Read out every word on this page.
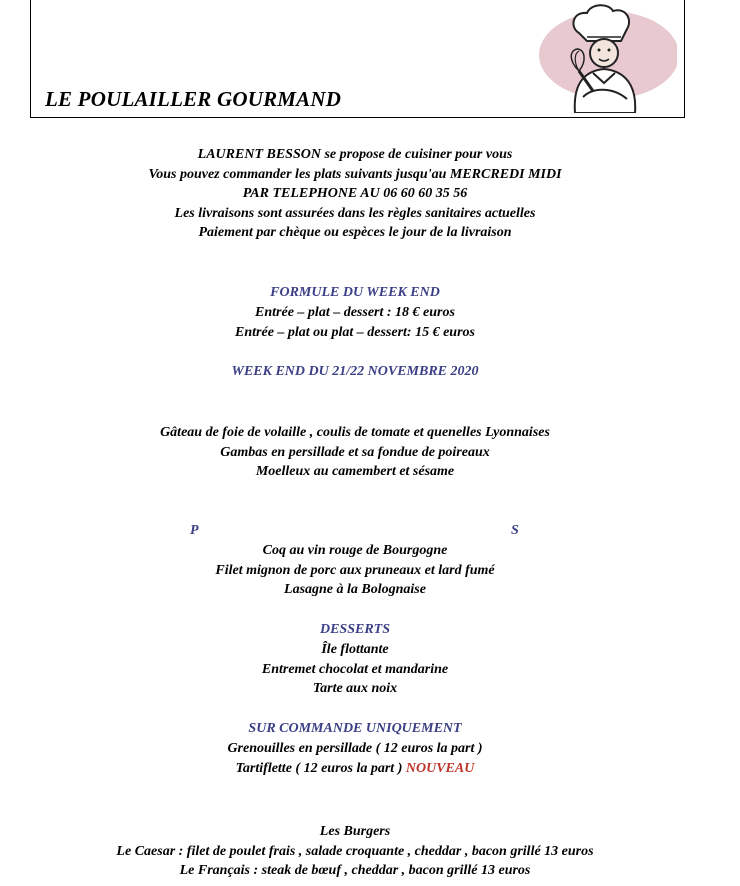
LE POULAILLER GOURMAND
LAURENT BESSON se propose de cuisiner pour vous
Vous pouvez commander les plats suivants jusqu'au MERCREDI MIDI
PAR TELEPHONE AU 06 60 60 35 56
Les livraisons sont assurées dans les règles sanitaires actuelles
Paiement par chèque ou espèces le jour de la livraison
FORMULE DU WEEK END
Entrée – plat – dessert : 18 € euros
Entrée – plat ou plat – dessert: 15 € euros
WEEK END DU 21/22 NOVEMBRE 2020
Gâteau de foie de volaille , coulis de tomate et quenelles Lyonnaises
Gambas en persillade et sa fondue de poireaux
Moelleux au camembert et sésame
P	S
Coq au vin rouge de Bourgogne
Filet mignon de porc aux pruneaux et lard fumé
Lasagne à la Bolognaise
DESSERTS
Île flottante
Entremet chocolat et mandarine
Tarte aux noix
SUR COMMANDE UNIQUEMENT
Grenouilles en persillade ( 12 euros la part )
Tartiflette ( 12 euros la part ) NOUVEAU
Les Burgers
Le Caesar : filet de poulet frais , salade croquante , cheddar , bacon grillé 13 euros
Le Français : steak de bœuf , cheddar , bacon grillé 13 euros
